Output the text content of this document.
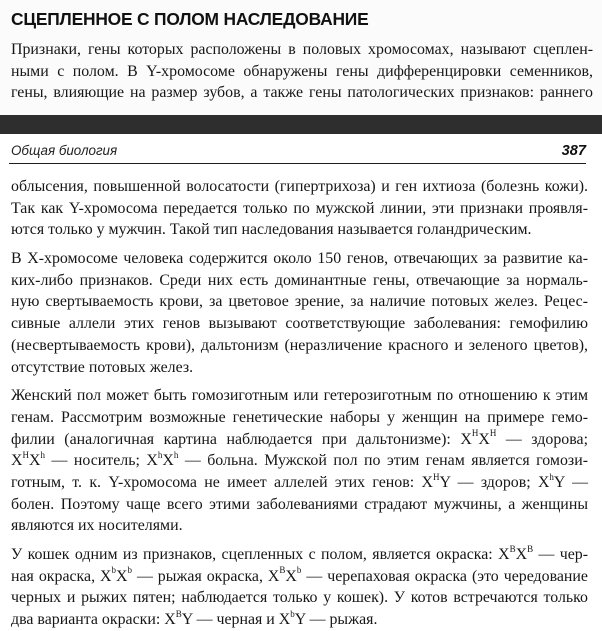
СЦЕПЛЕННОЕ С ПОЛОМ НАСЛЕДОВАНИЕ
Признаки, гены которых расположены в половых хромосомах, называют сцеплен-
ными с полом. В Y-хромосоме обнаружены гены дифференцировки семенников,
гены, влияющие на размер зубов, а также гены патологических признаков: раннего
Общая биология	387
облысения, повышенной волосатости (гипертрихоза) и ген ихтиоза (болезнь кожи).
Так как Y-хромосома передается только по мужской линии, эти признаки проявля-
ются только у мужчин. Такой тип наследования называется голандрическим.
В X-хромосоме человека содержится около 150 генов, отвечающих за развитие ка-
ких-либо признаков. Среди них есть доминантные гены, отвечающие за нормаль-
ную свертываемость крови, за цветовое зрение, за наличие потовых желез. Рецес-
сивные аллели этих генов вызывают соответствующие заболевания: гемофилию
(несвертываемость крови), дальтонизм (неразличение красного и зеленого цветов),
отсутствие потовых желез.
Женский пол может быть гомозиготным или гетерозиготным по отношению к этим
генам. Рассмотрим возможные генетические наборы у женщин на примере гемо-
филии (аналогичная картина наблюдается при дальтонизме): $X^HX^H$ — здорова;
$X^HX^h$ — носитель; $X^hX^h$ — больна. Мужской пол по этим генам является гомози-
готным, т. к. Y-хромосома не имеет аллелей этих генов: $X^HY$ — здоров; $X^hY$ —
болен. Поэтому чаще всего этими заболеваниями страдают мужчины, а женщины
являются их носителями.
У кошек одним из признаков, сцепленных с полом, является окраска: $X^BX^B$ — чер-
ная окраска, $X^bX^b$ — рыжая окраска, $X^BX^b$ — черепаховая окраска (это чередование
черных и рыжих пятен; наблюдается только у кошек). У котов встречаются только
два варианта окраски: $X^BY$ — черная и $X^bY$ — рыжая.
